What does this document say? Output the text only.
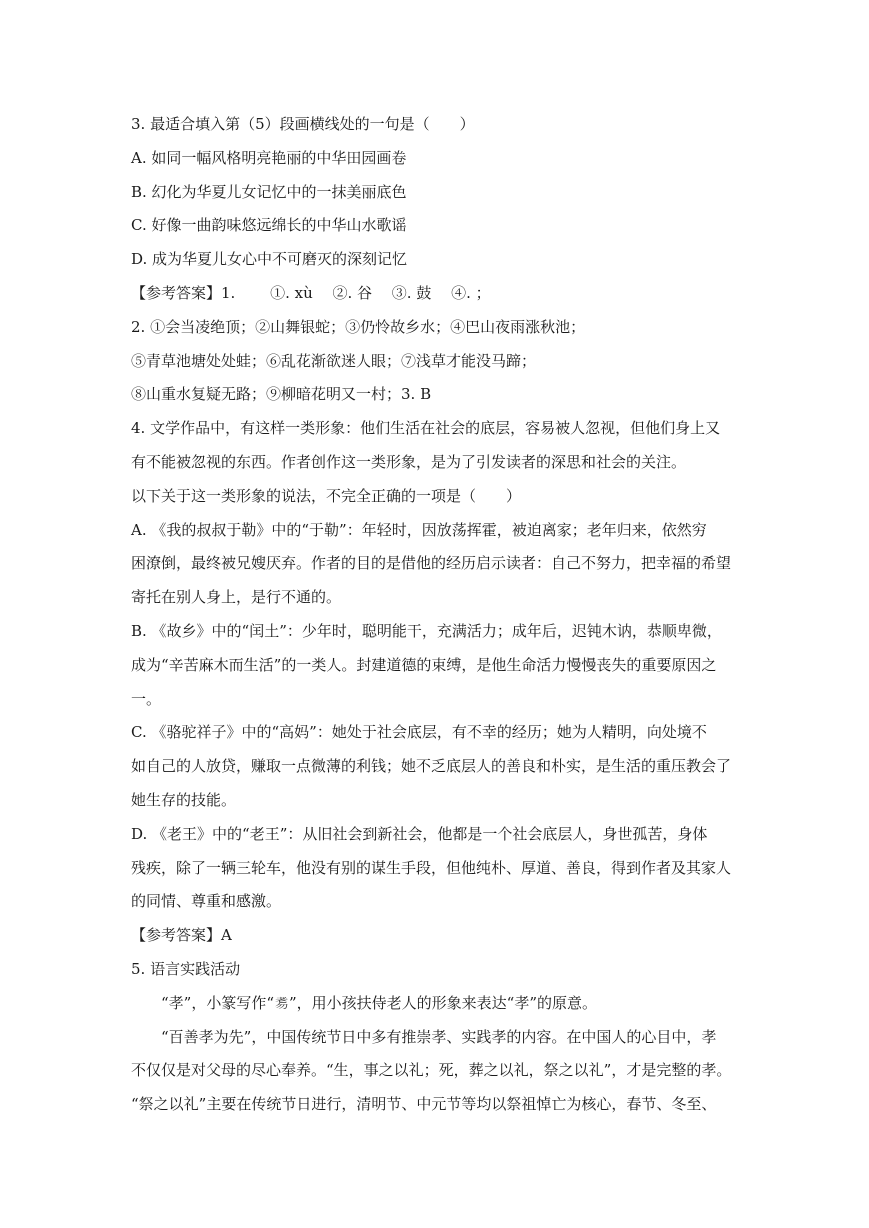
3. 最适合填入第（5）段画横线处的一句是（　　）
A. 如同一幅风格明亮艳丽的中华田园画卷
B. 幻化为华夏儿女记忆中的一抹美丽底色
C. 好像一曲韵味悠远绵长的中华山水歌谣
D. 成为华夏儿女心中不可磨灭的深刻记忆
【参考答案】1.　　 ①. xù　 ②. 谷　 ③. 鼓　 ④. ；
2. ①会当凌绝顶；②山舞银蛇；③仍怜故乡水；④巴山夜雨涨秋池；
⑤青草池塘处处蛙；⑥乱花渐欲迷人眼；⑦浅草才能没马蹄；
⑧山重水复疑无路；⑨柳暗花明又一村；3. B
4. 文学作品中，有这样一类形象：他们生活在社会的底层，容易被人忽视，但他们身上又
有不能被忽视的东西。作者创作这一类形象，是为了引发读者的深思和社会的关注。
以下关于这一类形象的说法，不完全正确的一项是（　　）
A. 《我的叔叔于勒》中的“于勒”：年轻时，因放荡挥霍，被迫离家；老年归来，依然穷
困潦倒，最终被兄嫂厌弃。作者的目的是借他的经历启示读者：自己不努力，把幸福的希望
寄托在别人身上，是行不通的。
B. 《故乡》中的“闰土”：少年时，聪明能干，充满活力；成年后，迟钝木讷，恭顺卑微，
成为“辛苦麻木而生活”的一类人。封建道德的束缚，是他生命活力慢慢丧失的重要原因之
一。
C. 《骆驼祥子》中的“高妈”：她处于社会底层，有不幸的经历；她为人精明，向处境不
如自己的人放贷，赚取一点微薄的利钱；她不乏底层人的善良和朴实，是生活的重压教会了
她生存的技能。
D. 《老王》中的“老王”：从旧社会到新社会，他都是一个社会底层人，身世孤苦，身体
残疾，除了一辆三轮车，他没有别的谋生手段，但他纯朴、厚道、善良，得到作者及其家人
的同情、尊重和感激。
【参考答案】A
5. 语言实践活动
“孝”，小篆写作“𦒸”，用小孩扶侍老人的形象来表达“孝”的原意。
“百善孝为先”，中国传统节日中多有推崇孝、实践孝的内容。在中国人的心目中，孝
不仅仅是对父母的尽心奉养。“生，事之以礼；死，葬之以礼，祭之以礼”，才是完整的孝。
“祭之以礼”主要在传统节日进行，清明节、中元节等均以祭祖悼亡为核心，春节、冬至、
